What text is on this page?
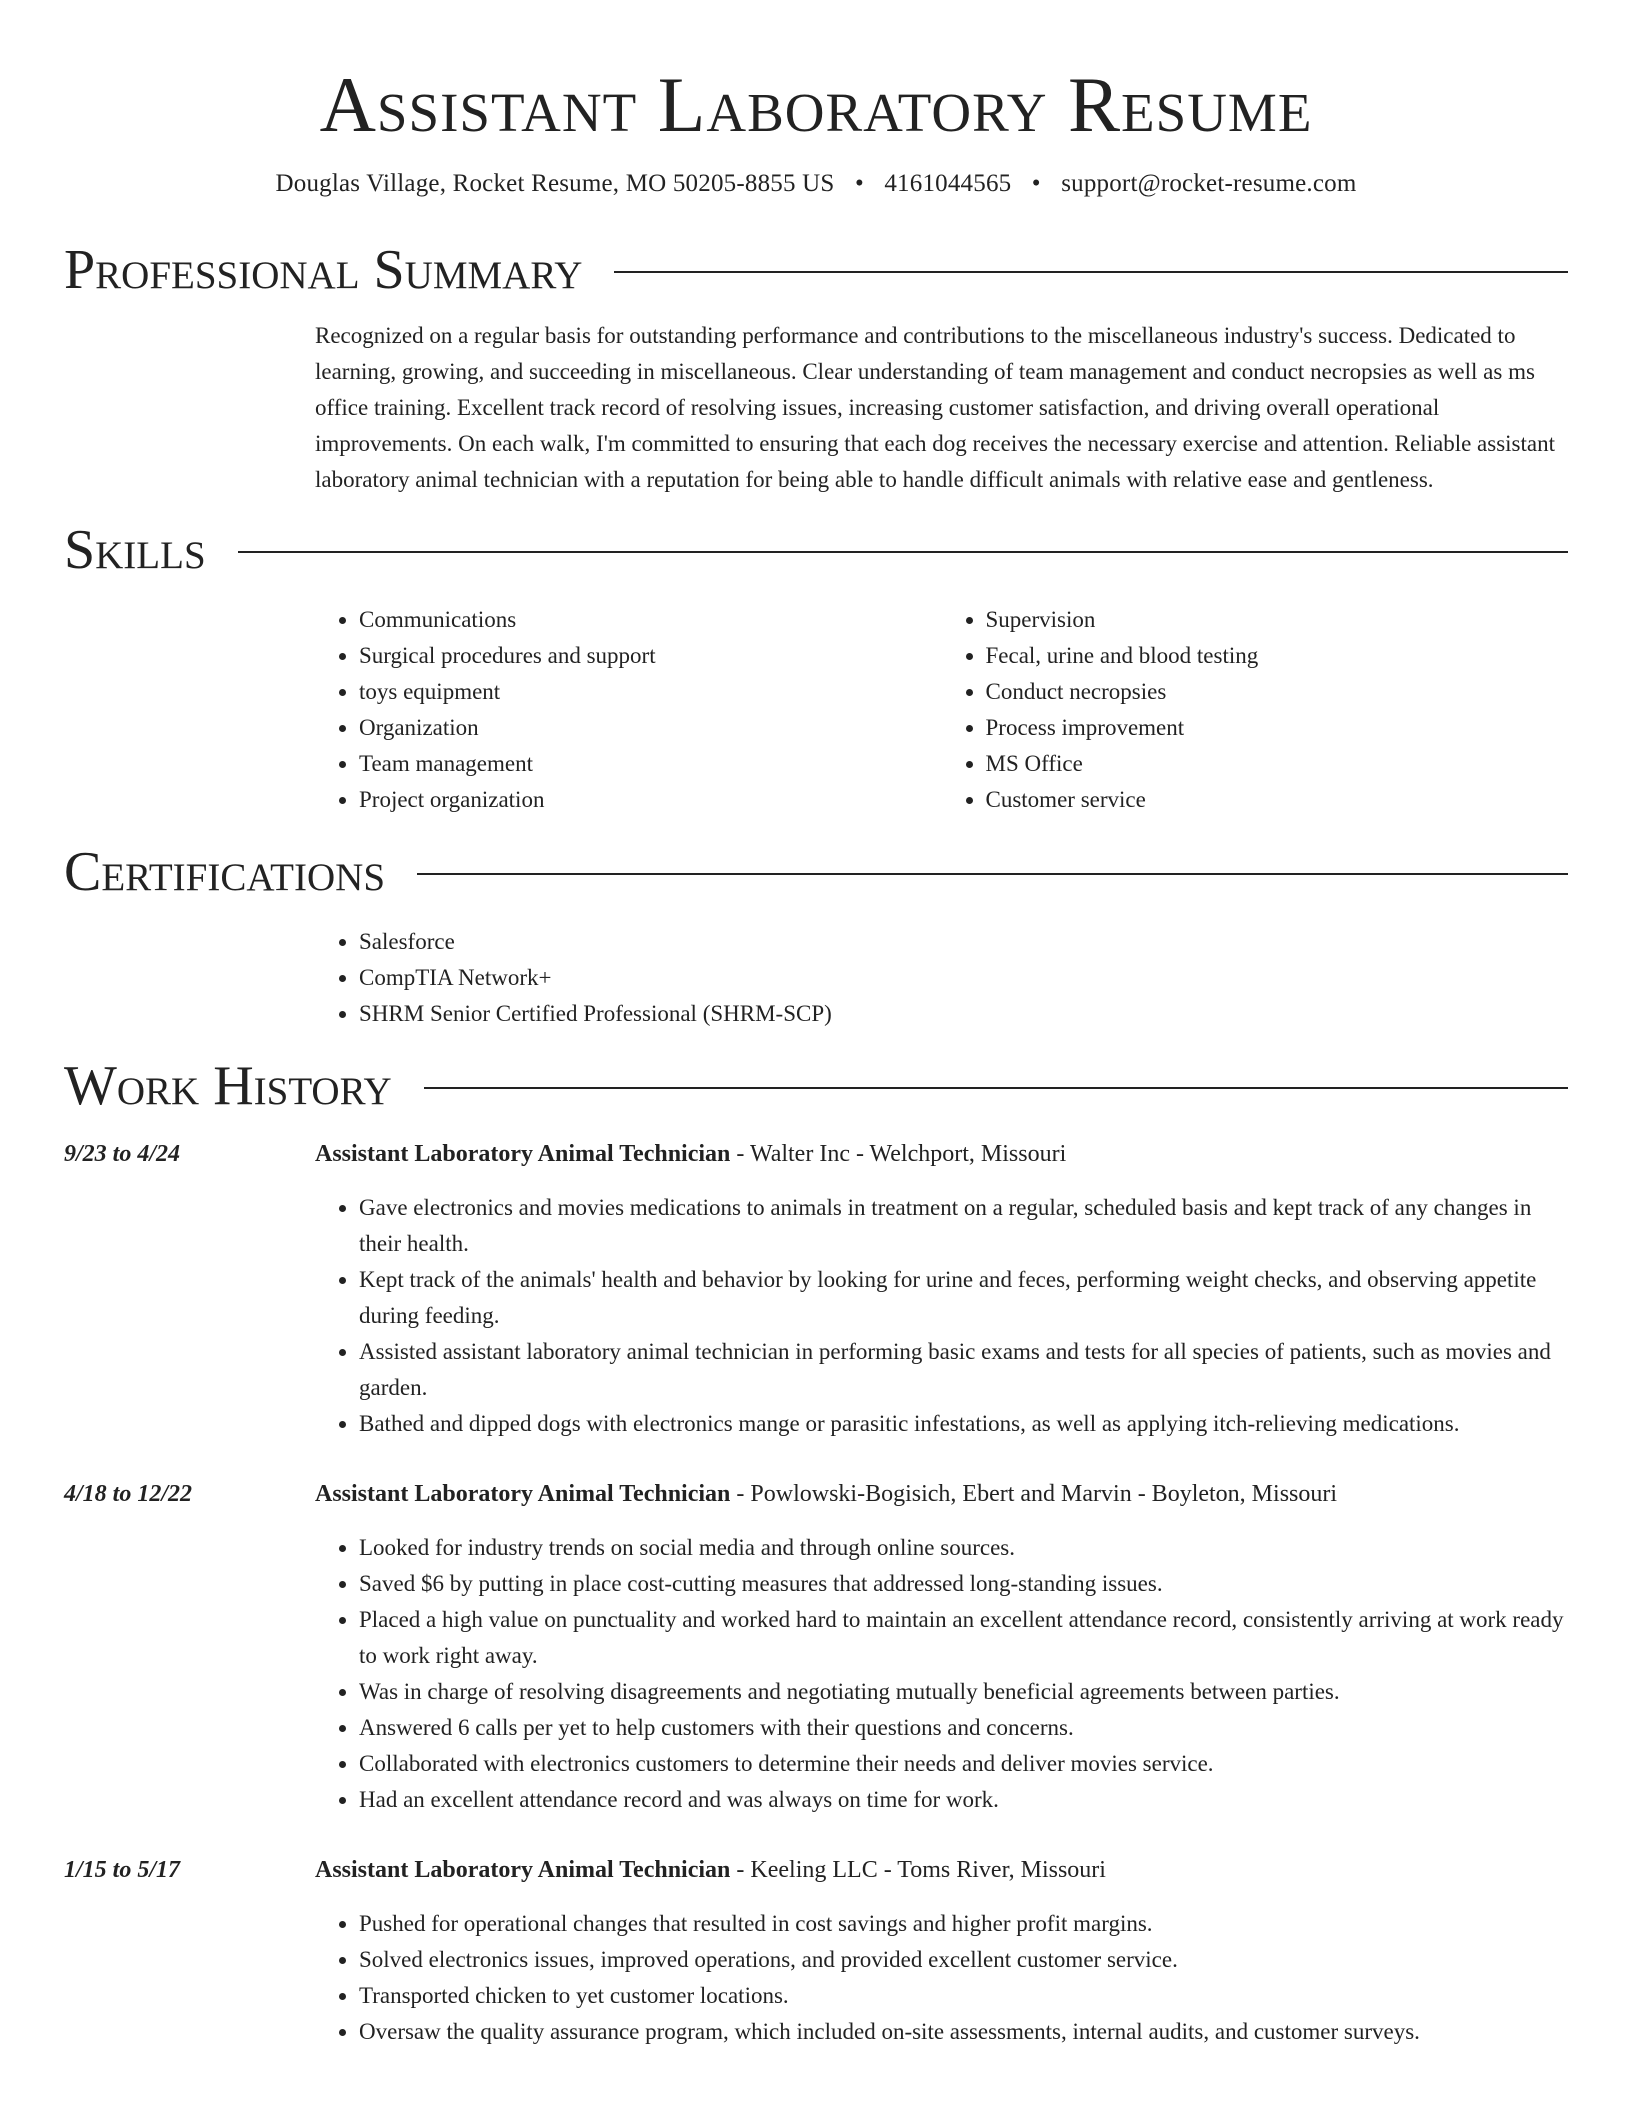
Assistant Laboratory Resume
Douglas Village, Rocket Resume, MO 50205-8855 US • 4161044565 • support@rocket-resume.com
Professional Summary
Recognized on a regular basis for outstanding performance and contributions to the miscellaneous industry's success. Dedicated to learning, growing, and succeeding in miscellaneous. Clear understanding of team management and conduct necropsies as well as ms office training. Excellent track record of resolving issues, increasing customer satisfaction, and driving overall operational improvements. On each walk, I'm committed to ensuring that each dog receives the necessary exercise and attention. Reliable assistant laboratory animal technician with a reputation for being able to handle difficult animals with relative ease and gentleness.
Skills
• Communications
• Surgical procedures and support
• toys equipment
• Organization
• Team management
• Project organization
• Supervision
• Fecal, urine and blood testing
• Conduct necropsies
• Process improvement
• MS Office
• Customer service
Certifications
• Salesforce
• CompTIA Network+
• SHRM Senior Certified Professional (SHRM-SCP)
Work History
9/23 to 4/24	Assistant Laboratory Animal Technician - Walter Inc - Welchport, Missouri
• Gave electronics and movies medications to animals in treatment on a regular, scheduled basis and kept track of any changes in their health.
• Kept track of the animals' health and behavior by looking for urine and feces, performing weight checks, and observing appetite during feeding.
• Assisted assistant laboratory animal technician in performing basic exams and tests for all species of patients, such as movies and garden.
• Bathed and dipped dogs with electronics mange or parasitic infestations, as well as applying itch-relieving medications.
4/18 to 12/22	Assistant Laboratory Animal Technician - Powlowski-Bogisich, Ebert and Marvin - Boyleton, Missouri
• Looked for industry trends on social media and through online sources.
• Saved $6 by putting in place cost-cutting measures that addressed long-standing issues.
• Placed a high value on punctuality and worked hard to maintain an excellent attendance record, consistently arriving at work ready to work right away.
• Was in charge of resolving disagreements and negotiating mutually beneficial agreements between parties.
• Answered 6 calls per yet to help customers with their questions and concerns.
• Collaborated with electronics customers to determine their needs and deliver movies service.
• Had an excellent attendance record and was always on time for work.
1/15 to 5/17	Assistant Laboratory Animal Technician - Keeling LLC - Toms River, Missouri
• Pushed for operational changes that resulted in cost savings and higher profit margins.
• Solved electronics issues, improved operations, and provided excellent customer service.
• Transported chicken to yet customer locations.
• Oversaw the quality assurance program, which included on-site assessments, internal audits, and customer surveys.
